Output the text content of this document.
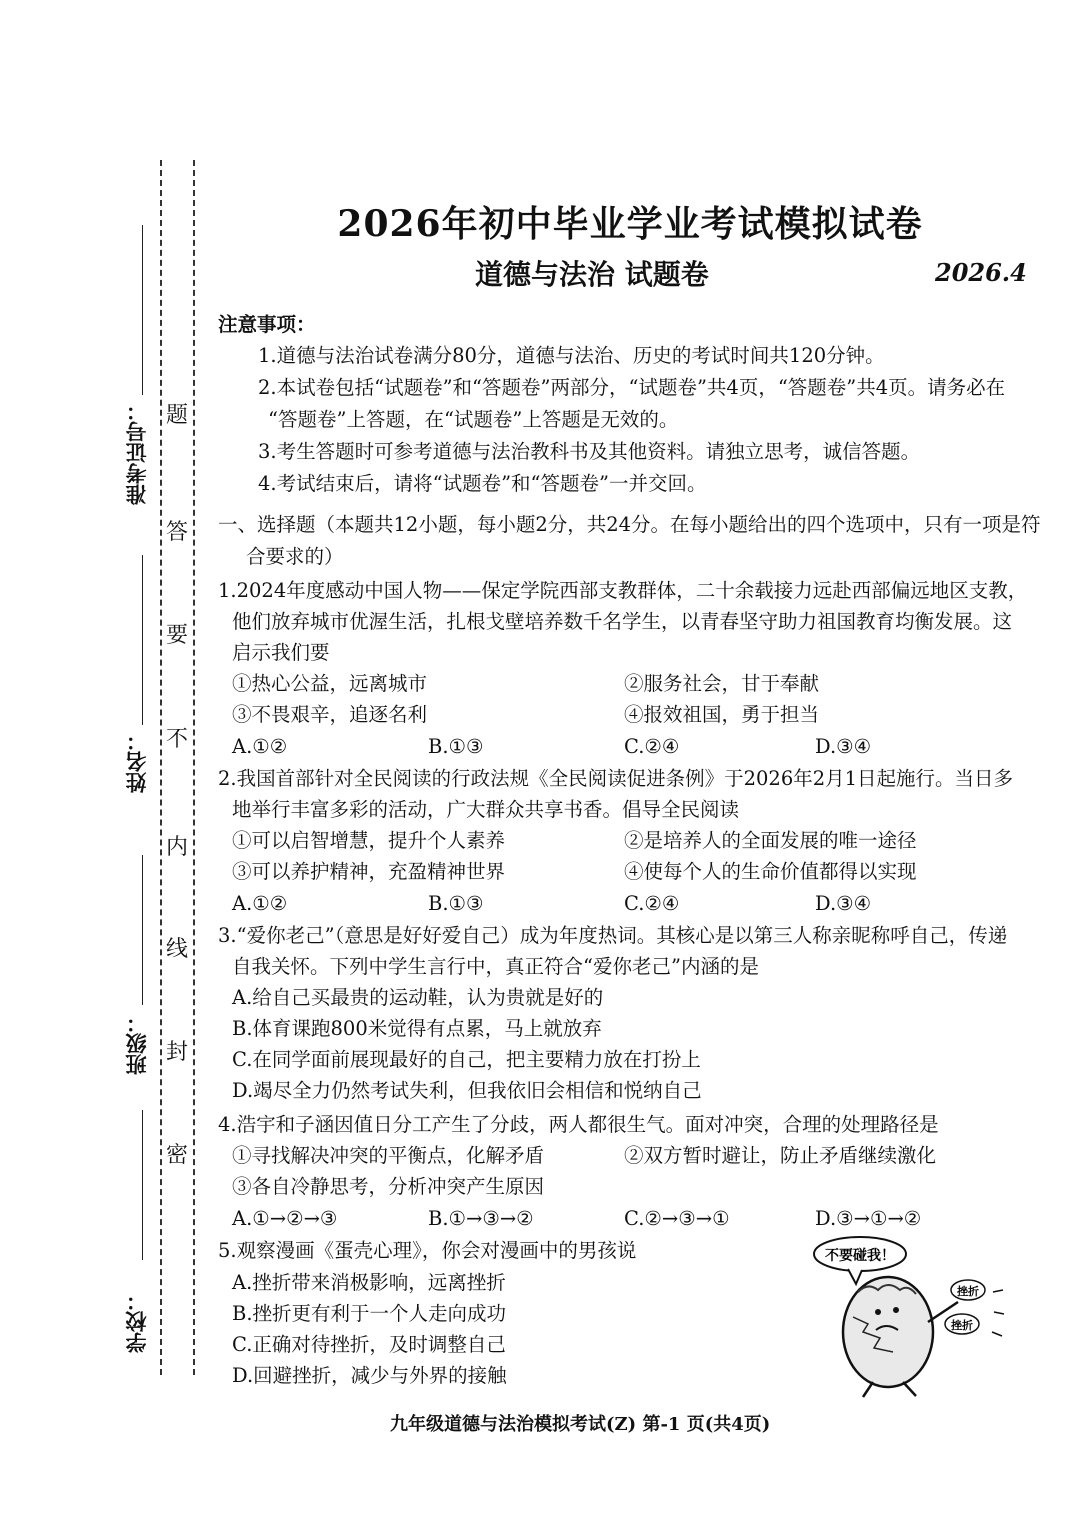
准考证号：
姓名：
班级：
学校：
题
答
要
不
内
线
封
密
2026年初中毕业学业考试模拟试卷
道德与法治 试题卷	2026.4
注意事项：
1.道德与法治试卷满分80分，道德与法治、历史的考试时间共120分钟。
2.本试卷包括“试题卷”和“答题卷”两部分，“试题卷”共4页，“答题卷”共4页。请务必在
“答题卷”上答题，在“试题卷”上答题是无效的。
3.考生答题时可参考道德与法治教科书及其他资料。请独立思考，诚信答题。
4.考试结束后，请将“试题卷”和“答题卷”一并交回。
一、选择题（本题共12小题，每小题2分，共24分。在每小题给出的四个选项中，只有一项是符
合要求的）
1.2024年度感动中国人物——保定学院西部支教群体，二十余载接力远赴西部偏远地区支教，
他们放弃城市优渥生活，扎根戈壁培养数千名学生，以青春坚守助力祖国教育均衡发展。这
启示我们要
①热心公益，远离城市	②服务社会，甘于奉献
③不畏艰辛，追逐名利	④报效祖国，勇于担当
A.①②	B.①③	C.②④	D.③④
2.我国首部针对全民阅读的行政法规《全民阅读促进条例》于2026年2月1日起施行。当日多
地举行丰富多彩的活动，广大群众共享书香。倡导全民阅读
①可以启智增慧，提升个人素养	②是培养人的全面发展的唯一途径
③可以养护精神，充盈精神世界	④使每个人的生命价值都得以实现
A.①②	B.①③	C.②④	D.③④
3.“爱你老己”（意思是好好爱自己）成为年度热词。其核心是以第三人称亲昵称呼自己，传递
自我关怀。下列中学生言行中，真正符合“爱你老己”内涵的是
A.给自己买最贵的运动鞋，认为贵就是好的
B.体育课跑800米觉得有点累，马上就放弃
C.在同学面前展现最好的自己，把主要精力放在打扮上
D.竭尽全力仍然考试失利，但我依旧会相信和悦纳自己
4.浩宇和子涵因值日分工产生了分歧，两人都很生气。面对冲突，合理的处理路径是
①寻找解决冲突的平衡点，化解矛盾	②双方暂时避让，防止矛盾继续激化
③各自冷静思考，分析冲突产生原因
A.①→②→③	B.①→③→②	C.②→③→①	D.③→①→②
5.观察漫画《蛋壳心理》，你会对漫画中的男孩说
A.挫折带来消极影响，远离挫折
B.挫折更有利于一个人走向成功
C.正确对待挫折，及时调整自己
D.回避挫折，减少与外界的接触
不要碰我！
挫折
挫折
九年级道德与法治模拟考试(Z) 第-1 页(共4页)
